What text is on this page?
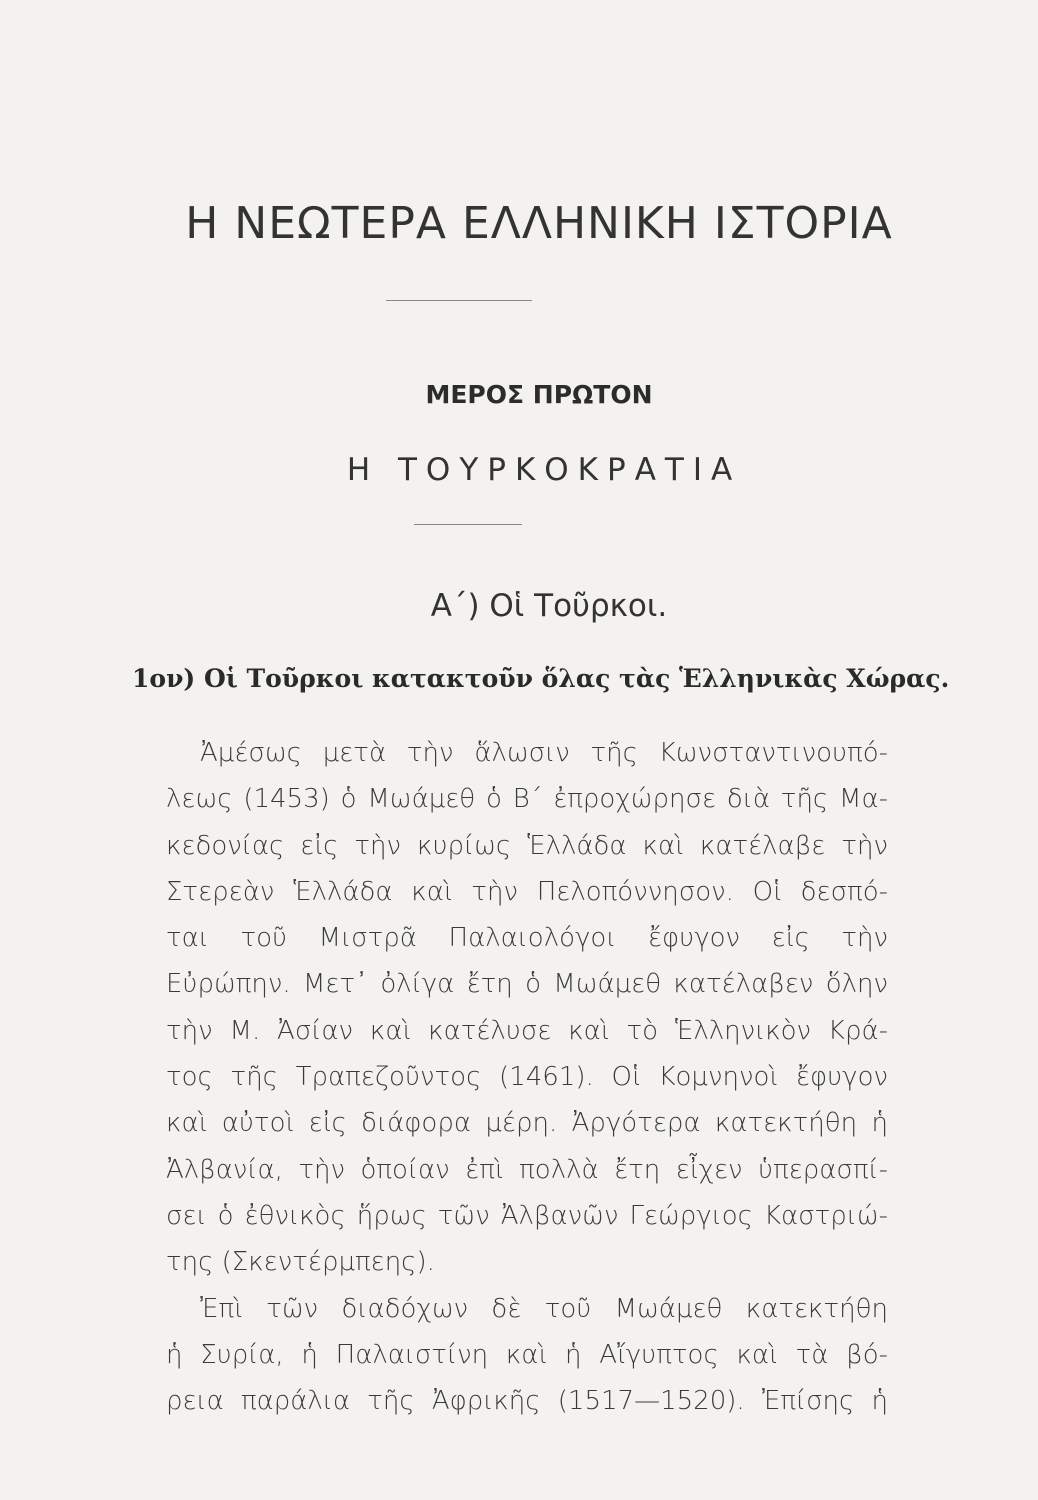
Η ΝΕΩΤΕΡΑ ΕΛΛΗΝΙΚΗ ΙΣΤΟΡΙΑ
ΜΕΡΟΣ ΠΡΩΤΟΝ
Η ΤΟΥΡΚΟΚΡΑΤΙΑ
Α΄) Οἱ Τοῦρκοι.
1ον) Οἱ Τοῦρκοι κατακτοῦν ὅλας τὰς Ἑλληνικὰς Χώρας.
Ἀμέσως μετὰ τὴν ἅλωσιν τῆς Κωνσταντινουπό-
λεως (1453) ὁ Μωάμεθ ὁ Β΄ ἐπροχώρησε διὰ τῆς Μα-
κεδονίας εἰς τὴν κυρίως Ἑλλάδα καὶ κατέλαβε τὴν
Στερεὰν Ἑλλάδα καὶ τὴν Πελοπόννησον. Οἱ δεσπό-
ται τοῦ Μιστρᾶ Παλαιολόγοι ἔφυγον εἰς τὴν
Εὐρώπην. Μετ᾽ ὀλίγα ἔτη ὁ Μωάμεθ κατέλαβεν ὅλην
τὴν Μ. Ἀσίαν καὶ κατέλυσε καὶ τὸ Ἑλληνικὸν Κρά-
τος τῆς Τραπεζοῦντος (1461). Οἱ Κομνηνοὶ ἔφυγον
καὶ αὐτοὶ εἰς διάφορα μέρη. Ἀργότερα κατεκτήθη ἡ
Ἀλβανία, τὴν ὁποίαν ἐπὶ πολλὰ ἔτη εἶχεν ὑπερασπί-
σει ὁ ἐθνικὸς ἥρως τῶν Ἀλβανῶν Γεώργιος Καστριώ-
της (Σκεντέρμπεης).
Ἐπὶ τῶν διαδόχων δὲ τοῦ Μωάμεθ κατεκτήθη
ἡ Συρία, ἡ Παλαιστίνη καὶ ἡ Αἴγυπτος καὶ τὰ βό-
ρεια παράλια τῆς Ἀφρικῆς (1517—1520). Ἐπίσης ἡ
